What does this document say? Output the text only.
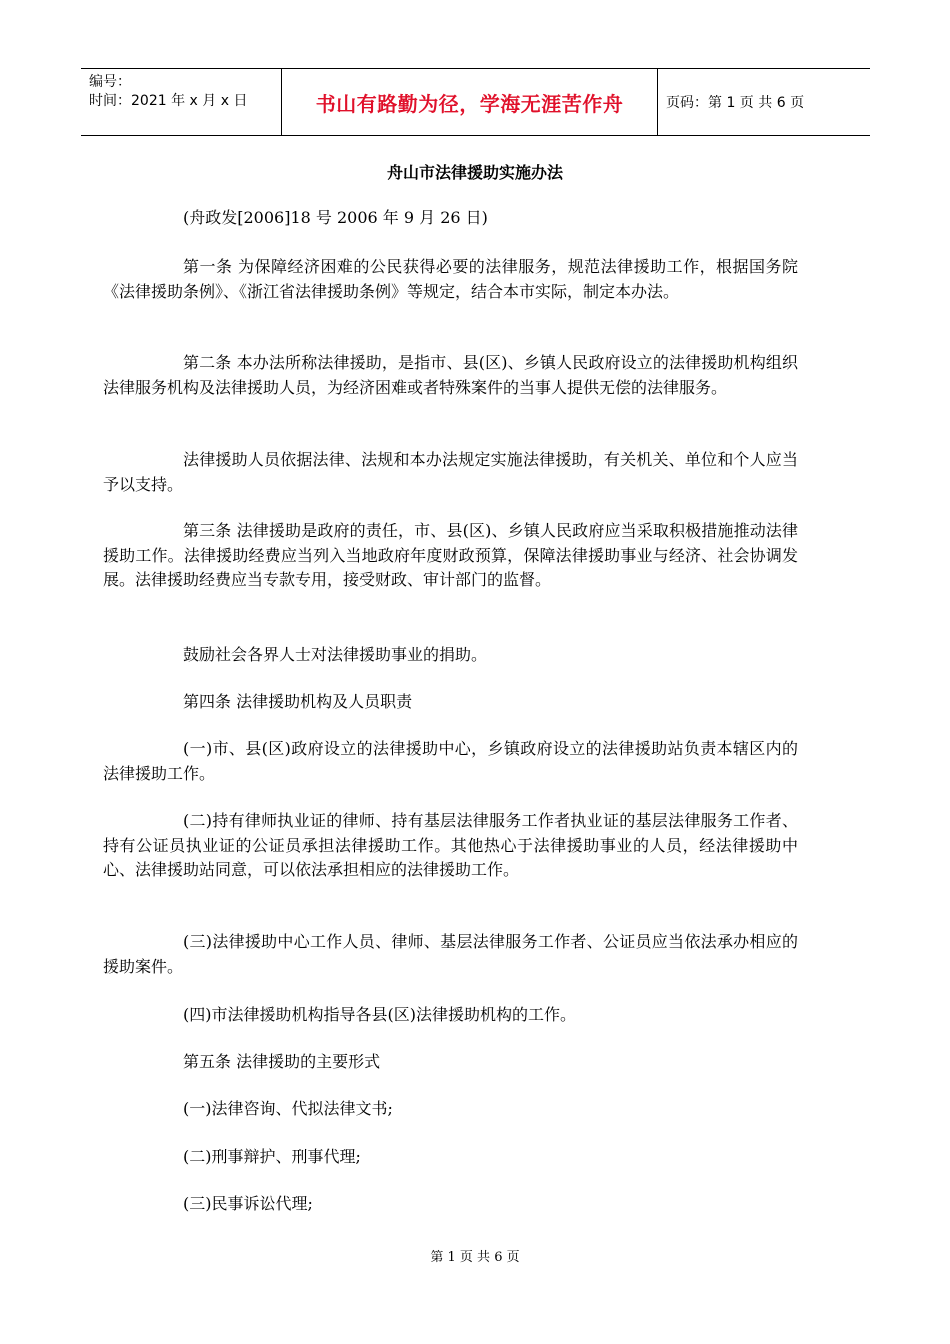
编号：
时间：2021 年 x 月 x 日	书山有路勤为径，学海无涯苦作舟	页码：第 1 页 共 6 页
舟山市法律援助实施办法
(舟政发[2006]18 号 2006 年 9 月 26 日)
第一条 为保障经济困难的公民获得必要的法律服务，规范法律援助工作，根据国务院《法律援助条例》、《浙江省法律援助条例》等规定，结合本市实际，制定本办法。
第二条 本办法所称法律援助，是指市、县(区)、乡镇人民政府设立的法律援助机构组织法律服务机构及法律援助人员，为经济困难或者特殊案件的当事人提供无偿的法律服务。
法律援助人员依据法律、法规和本办法规定实施法律援助，有关机关、单位和个人应当予以支持。
第三条 法律援助是政府的责任，市、县(区)、乡镇人民政府应当采取积极措施推动法律援助工作。法律援助经费应当列入当地政府年度财政预算，保障法律援助事业与经济、社会协调发展。法律援助经费应当专款专用，接受财政、审计部门的监督。
鼓励社会各界人士对法律援助事业的捐助。
第四条 法律援助机构及人员职责
(一)市、县(区)政府设立的法律援助中心，乡镇政府设立的法律援助站负责本辖区内的法律援助工作。
(二)持有律师执业证的律师、持有基层法律服务工作者执业证的基层法律服务工作者、持有公证员执业证的公证员承担法律援助工作。其他热心于法律援助事业的人员，经法律援助中心、法律援助站同意，可以依法承担相应的法律援助工作。
(三)法律援助中心工作人员、律师、基层法律服务工作者、公证员应当依法承办相应的援助案件。
(四)市法律援助机构指导各县(区)法律援助机构的工作。
第五条 法律援助的主要形式
(一)法律咨询、代拟法律文书;
(二)刑事辩护、刑事代理;
(三)民事诉讼代理;
第 1 页 共 6 页
